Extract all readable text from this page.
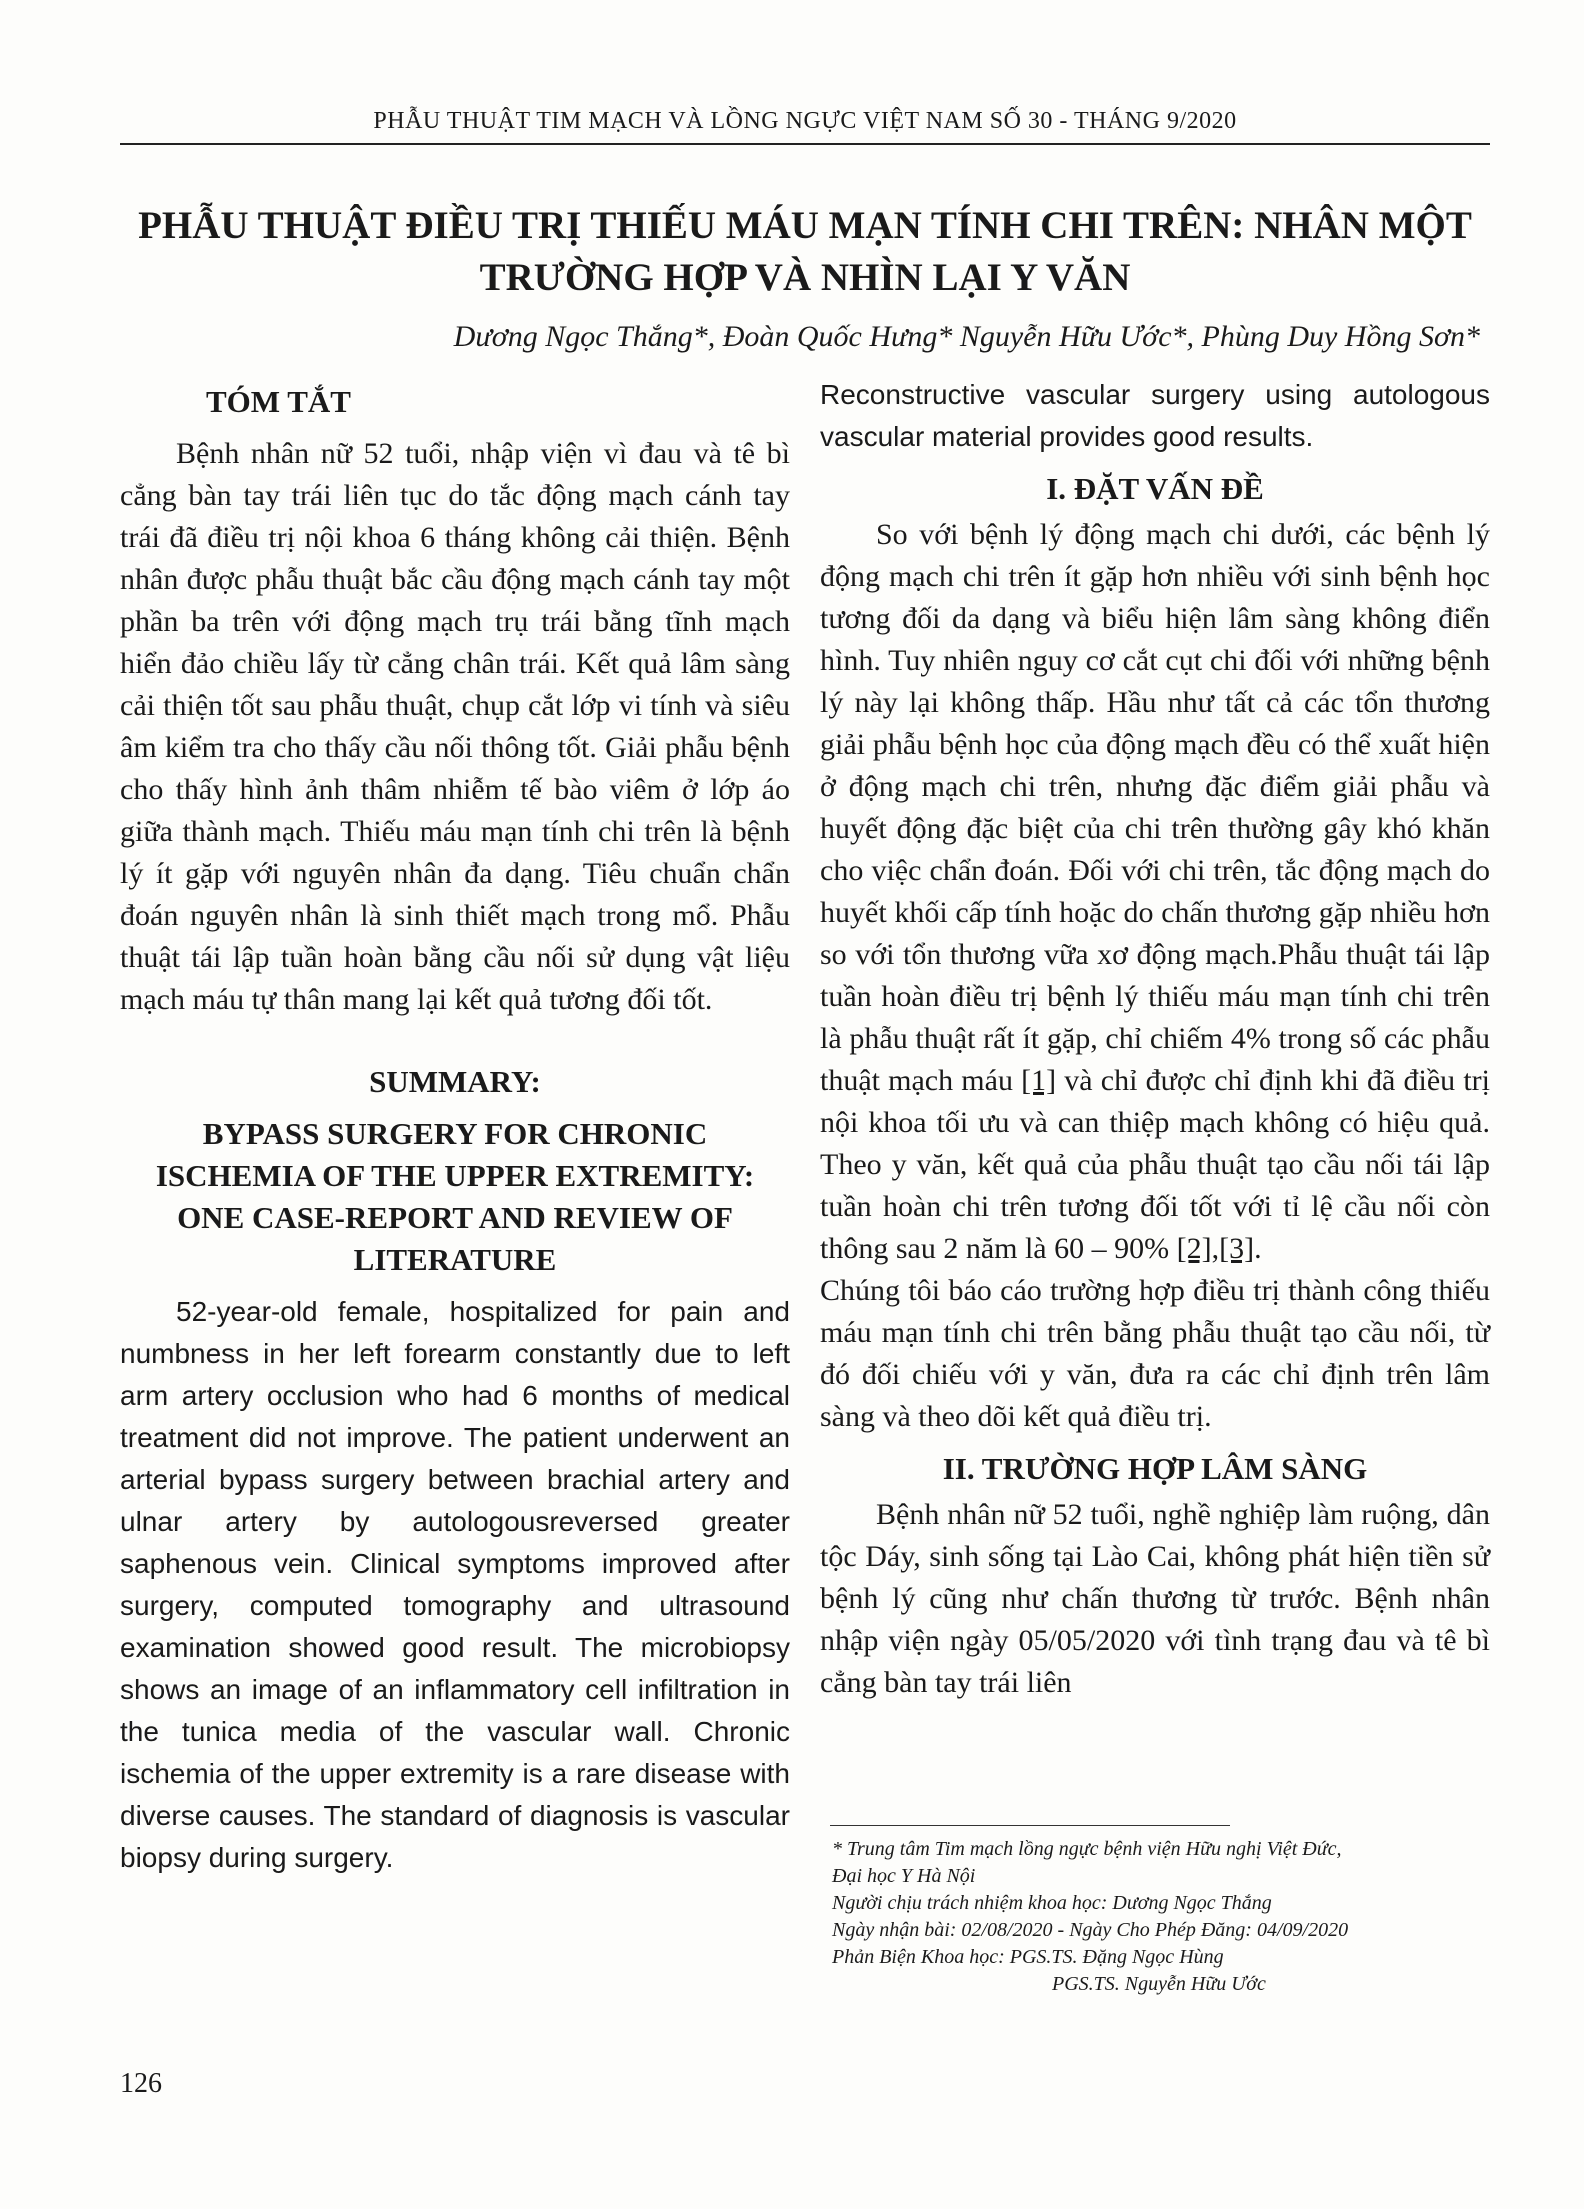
PHẪU THUẬT TIM MẠCH VÀ LỒNG NGỰC VIỆT NAM SỐ 30 - THÁNG 9/2020
PHẪU THUẬT ĐIỀU TRỊ THIẾU MÁU MẠN TÍNH CHI TRÊN: NHÂN MỘT
TRƯỜNG HỢP VÀ NHÌN LẠI Y VĂN
Dương Ngọc Thắng*, Đoàn Quốc Hưng* Nguyễn Hữu Ước*, Phùng Duy Hồng Sơn*
TÓM TẮT

Bệnh nhân nữ 52 tuổi, nhập viện vì đau và tê bì cẳng bàn tay trái liên tục do tắc động mạch cánh tay trái đã điều trị nội khoa 6 tháng không cải thiện. Bệnh nhân được phẫu thuật bắc cầu động mạch cánh tay một phần ba trên với động mạch trụ trái bằng tĩnh mạch hiển đảo chiều lấy từ cẳng chân trái. Kết quả lâm sàng cải thiện tốt sau phẫu thuật, chụp cắt lớp vi tính và siêu âm kiểm tra cho thấy cầu nối thông tốt. Giải phẫu bệnh cho thấy hình ảnh thâm nhiễm tế bào viêm ở lớp áo giữa thành mạch. Thiếu máu mạn tính chi trên là bệnh lý ít gặp với nguyên nhân đa dạng. Tiêu chuẩn chẩn đoán nguyên nhân là sinh thiết mạch trong mổ. Phẫu thuật tái lập tuần hoàn bằng cầu nối sử dụng vật liệu mạch máu tự thân mang lại kết quả tương đối tốt.

SUMMARY:
BYPASS SURGERY FOR CHRONIC
ISCHEMIA OF THE UPPER EXTREMITY:
ONE CASE-REPORT AND REVIEW OF
LITERATURE

52-year-old female, hospitalized for pain and numbness in her left forearm constantly due to left arm artery occlusion who had 6 months of medical treatment did not improve. The patient underwent an arterial bypass surgery between brachial artery and ulnar artery by autologousreversed greater saphenous vein. Clinical symptoms improved after surgery, computed tomography and ultrasound examination showed good result. The microbiopsy shows an image of an inflammatory cell infiltration in the tunica media of the vascular wall. Chronic ischemia of the upper extremity is a rare disease with diverse causes. The standard of diagnosis is vascular biopsy during surgery.

Reconstructive vascular surgery using autologous vascular material provides good results.

I. ĐẶT VẤN ĐỀ

So với bệnh lý động mạch chi dưới, các bệnh lý động mạch chi trên ít gặp hơn nhiều với sinh bệnh học tương đối da dạng và biểu hiện lâm sàng không điển hình. Tuy nhiên nguy cơ cắt cụt chi đối với những bệnh lý này lại không thấp. Hầu như tất cả các tổn thương giải phẫu bệnh học của động mạch đều có thể xuất hiện ở động mạch chi trên, nhưng đặc điểm giải phẫu và huyết động đặc biệt của chi trên thường gây khó khăn cho việc chẩn đoán. Đối với chi trên, tắc động mạch do huyết khối cấp tính hoặc do chấn thương gặp nhiều hơn so với tổn thương vữa xơ động mạch.Phẫu thuật tái lập tuần hoàn điều trị bệnh lý thiếu máu mạn tính chi trên là phẫu thuật rất ít gặp, chỉ chiếm 4% trong số các phẫu thuật mạch máu [1] và chỉ được chỉ định khi đã điều trị nội khoa tối ưu và can thiệp mạch không có hiệu quả. Theo y văn, kết quả của phẫu thuật tạo cầu nối tái lập tuần hoàn chi trên tương đối tốt với tỉ lệ cầu nối còn thông sau 2 năm là 60 – 90% [2],[3].

Chúng tôi báo cáo trường hợp điều trị thành công thiếu máu mạn tính chi trên bằng phẫu thuật tạo cầu nối, từ đó đối chiếu với y văn, đưa ra các chỉ định trên lâm sàng và theo dõi kết quả điều trị.

II. TRƯỜNG HỢP LÂM SÀNG

Bệnh nhân nữ 52 tuổi, nghề nghiệp làm ruộng, dân tộc Dáy, sinh sống tại Lào Cai, không phát hiện tiền sử bệnh lý cũng như chấn thương từ trước. Bệnh nhân nhập viện ngày 05/05/2020 với tình trạng đau và tê bì cẳng bàn tay trái liên

* Trung tâm Tim mạch lồng ngực bệnh viện Hữu nghị Việt Đức,
Đại học Y Hà Nội
Người chịu trách nhiệm khoa học: Dương Ngọc Thắng
Ngày nhận bài: 02/08/2020 - Ngày Cho Phép Đăng: 04/09/2020
Phản Biện Khoa học: PGS.TS. Đặng Ngọc Hùng
PGS.TS. Nguyễn Hữu Ước
126
